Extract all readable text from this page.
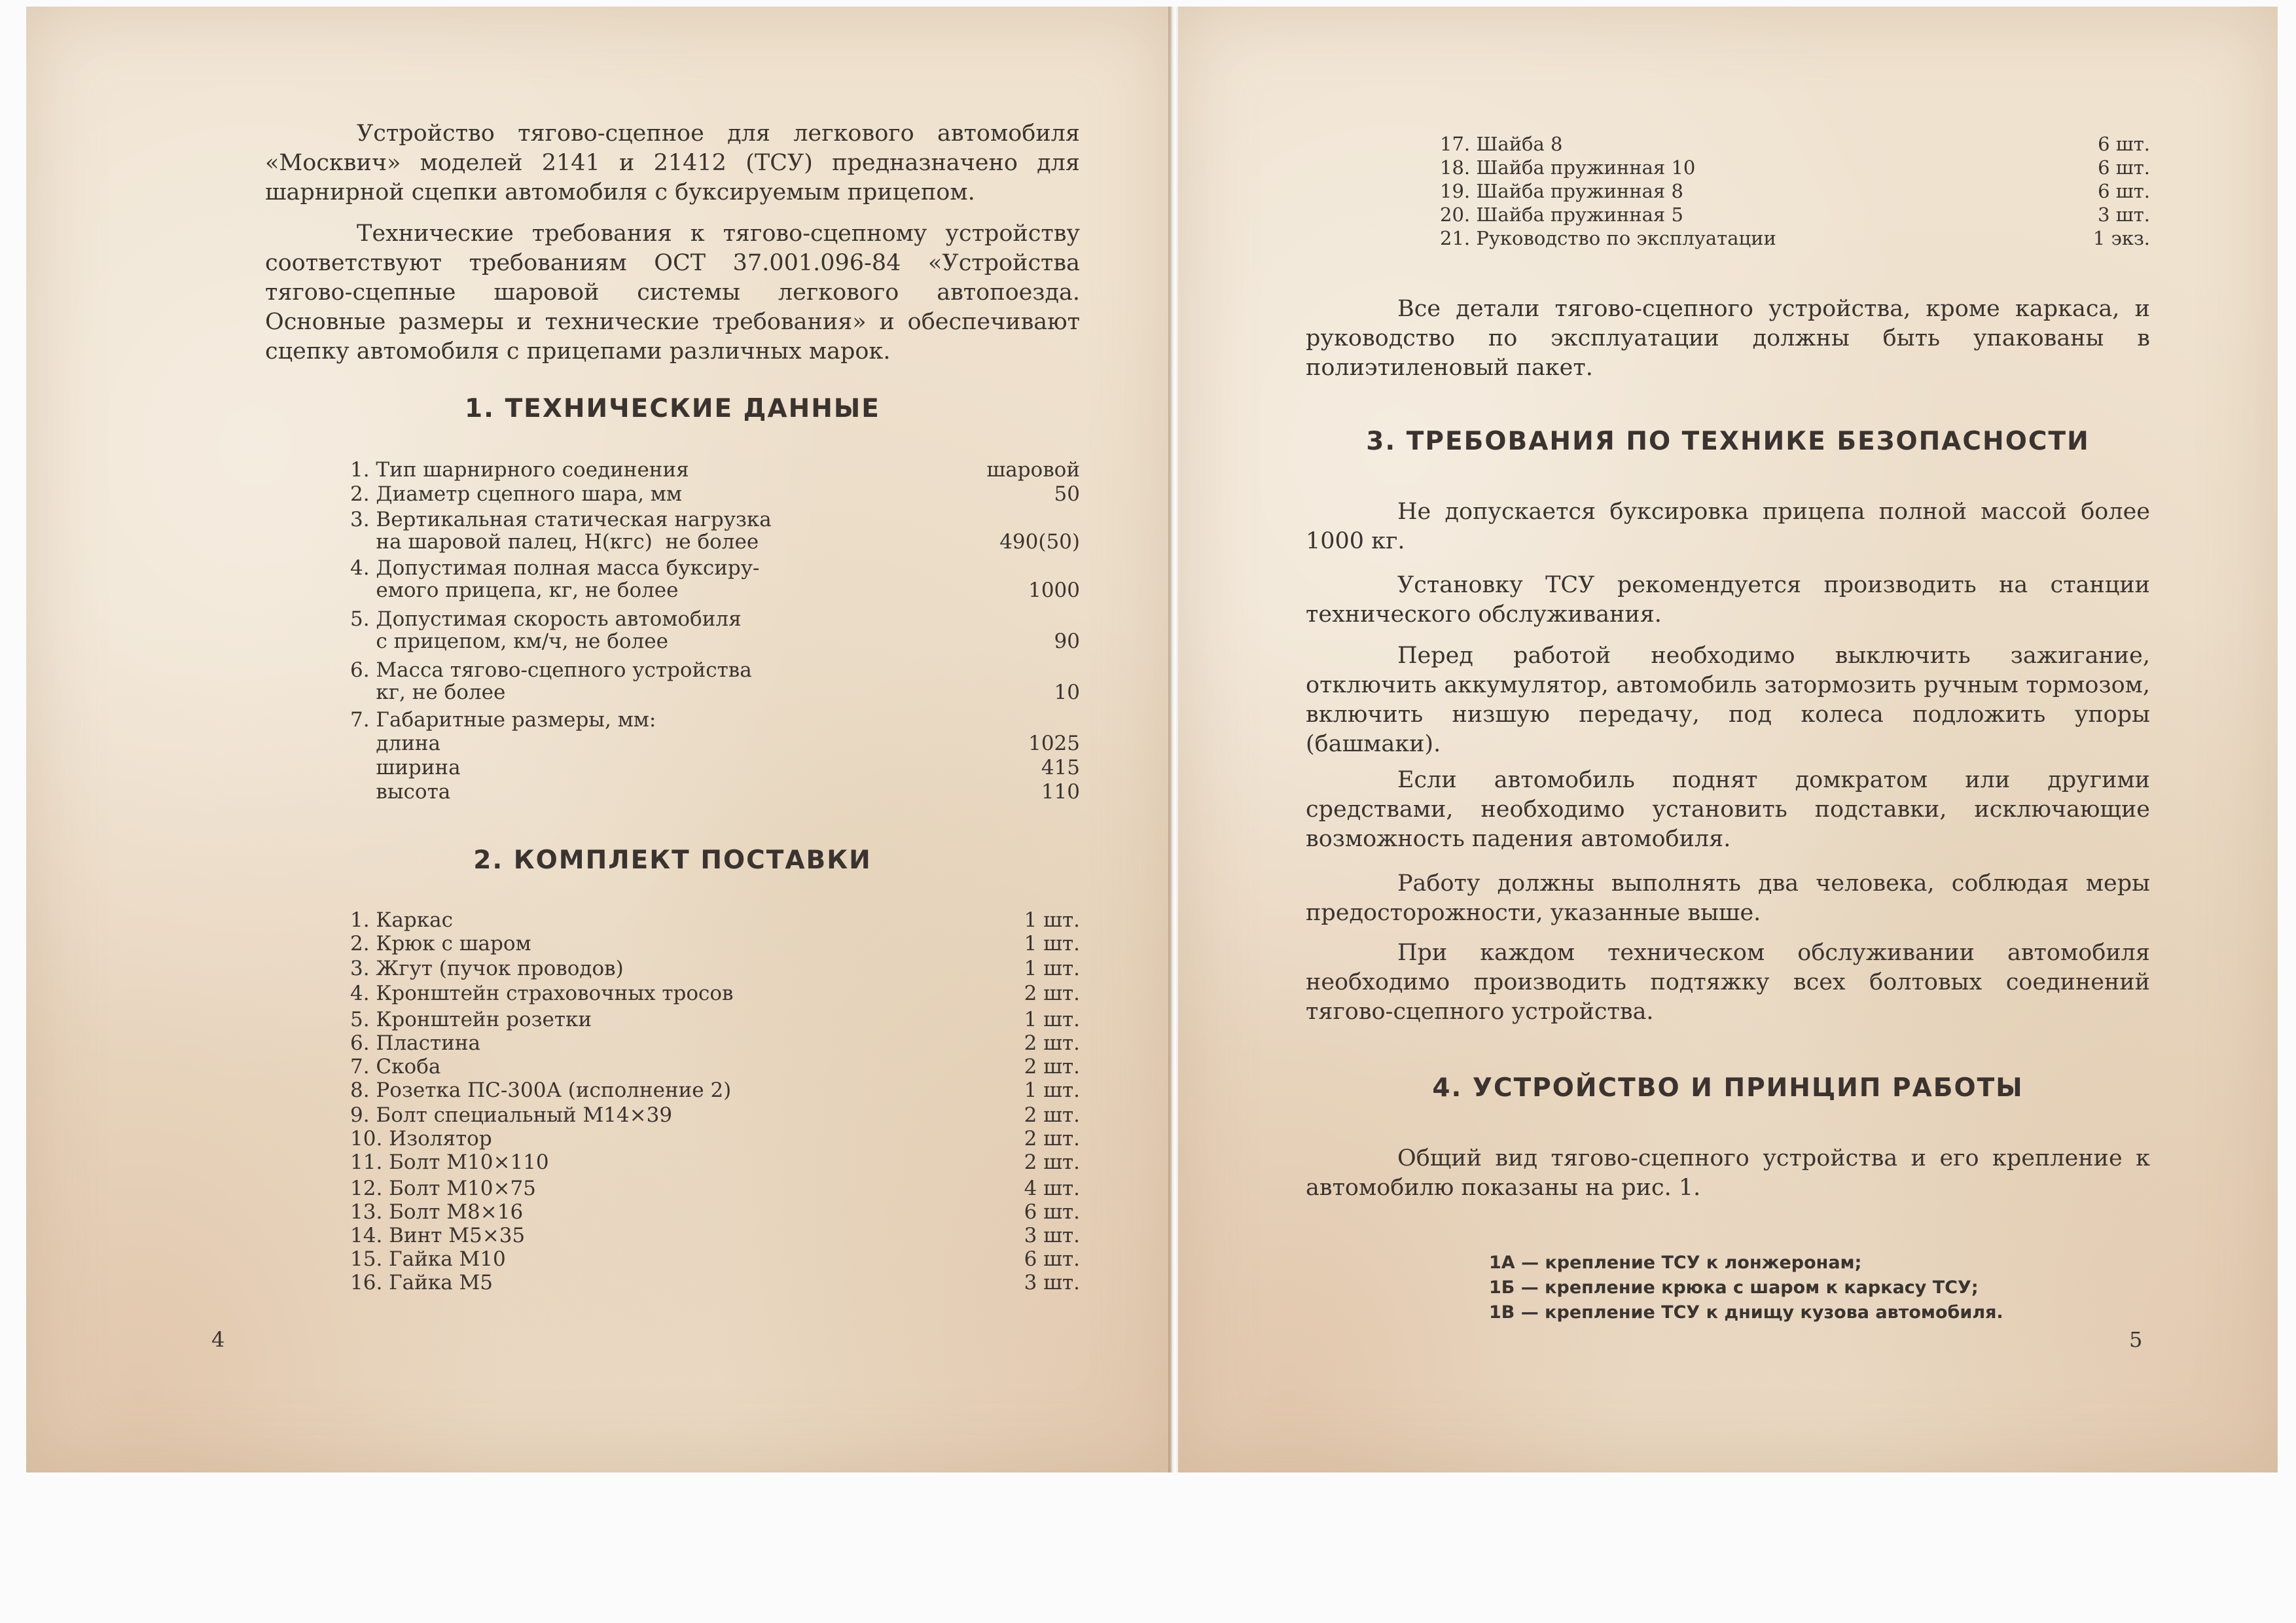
Устройство тягово-сцепное для легкового автомобиля «Москвич» моделей 2141 и 21412 (ТСУ) предназначено для шарнирной сцепки автомобиля с буксируемым прицепом.
Технические требования к тягово-сцепному устройству соответствуют требованиям ОСТ 37.001.096-84 «Устройства тягово-сцепные шаровой системы легкового автопоезда. Основные размеры и технические требования» и обеспечивают сцепку автомобиля с прицепами различных марок.
1. ТЕХНИЧЕСКИЕ ДАННЫЕ
1. Тип шарнирного соединения	шаровой
2. Диаметр сцепного шара, мм	50
3. Вертикальная статическая нагрузка
на шаровой палец, Н(кгс)  не более	490(50)
4. Допустимая полная масса буксиру-
емого прицепа, кг, не более	1000
5. Допустимая скорость автомобиля
с прицепом, км/ч, не более	90
6. Масса тягово-сцепного устройства
кг, не более	10
7. Габаритные размеры, мм:
длина	1025
ширина	415
высота	110
2. КОМПЛЕКТ ПОСТАВКИ
1. Каркас	1 шт.
2. Крюк с шаром	1 шт.
3. Жгут (пучок проводов)	1 шт.
4. Кронштейн страховочных тросов	2 шт.
5. Кронштейн розетки	1 шт.
6. Пластина	2 шт.
7. Скоба	2 шт.
8. Розетка ПС-300А (исполнение 2)	1 шт.
9. Болт специальный М14×39	2 шт.
10. Изолятор	2 шт.
11. Болт М10×110	2 шт.
12. Болт М10×75	4 шт.
13. Болт М8×16	6 шт.
14. Винт М5×35	3 шт.
15. Гайка М10	6 шт.
16. Гайка М5	3 шт.
4
17. Шайба 8	6 шт.
18. Шайба пружинная 10	6 шт.
19. Шайба пружинная 8	6 шт.
20. Шайба пружинная 5	3 шт.
21. Руководство по эксплуатации	1 экз.
Все детали тягово-сцепного устройства, кроме каркаса, и руководство по эксплуатации должны быть упакованы в полиэтиленовый пакет.
3. ТРЕБОВАНИЯ ПО ТЕХНИКЕ БЕЗОПАСНОСТИ
Не допускается буксировка прицепа полной массой более 1000 кг.
Установку ТСУ рекомендуется производить на станции технического обслуживания.
Перед работой необходимо выключить зажигание, отключить аккумулятор, автомобиль затормозить ручным тормозом, включить низшую передачу, под колеса подложить упоры (башмаки).
Если автомобиль поднят домкратом или другими средствами, необходимо установить подставки, исключающие возможность падения автомобиля.
Работу должны выполнять два человека, соблюдая меры предосторожности, указанные выше.
При каждом техническом обслуживании автомобиля необходимо производить подтяжку всех болтовых соединений тягово-сцепного устройства.
4. УСТРОЙСТВО И ПРИНЦИП РАБОТЫ
Общий вид тягово-сцепного устройства и его крепление к автомобилю показаны на рис. 1.
1А — крепление ТСУ к лонжеронам;
1Б — крепление крюка с шаром к каркасу ТСУ;
1В — крепление ТСУ к днищу кузова автомобиля.
5
